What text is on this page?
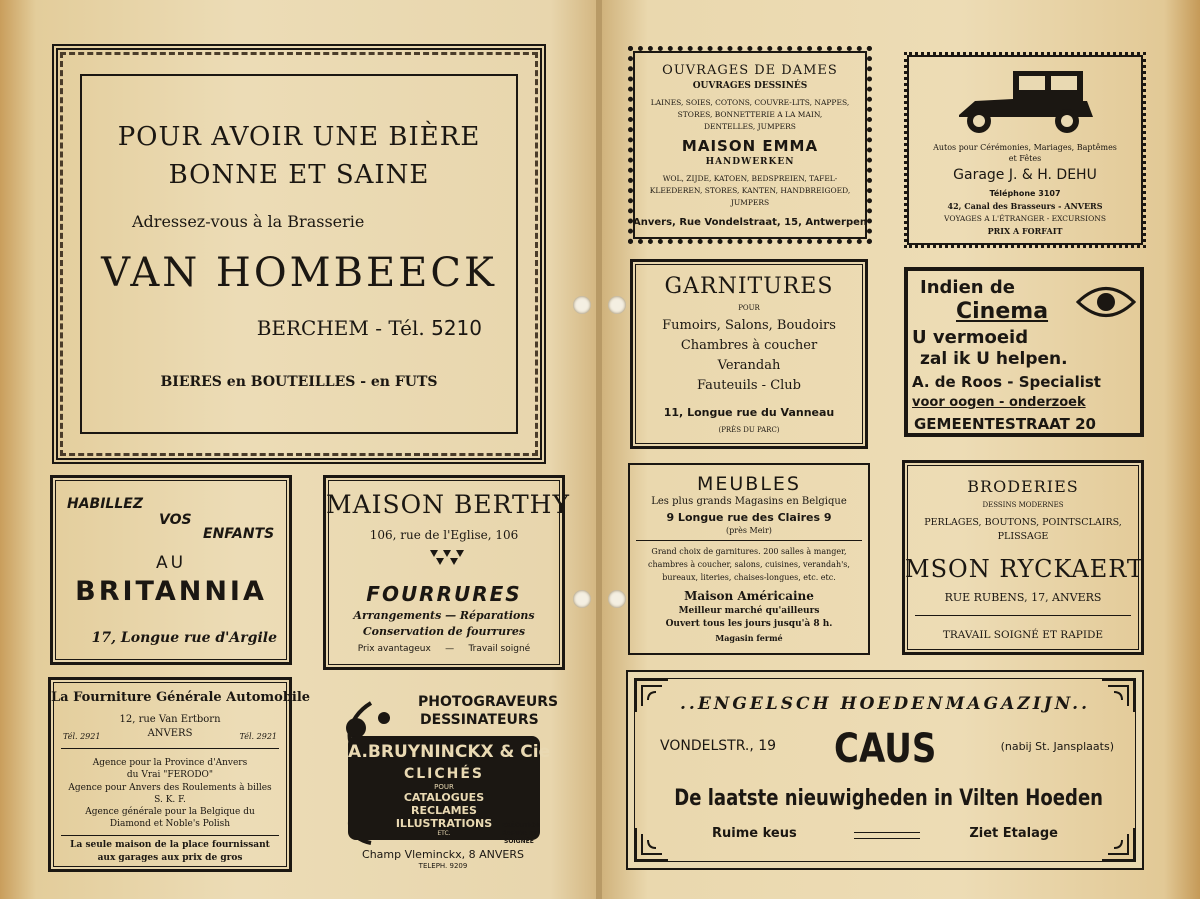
POUR AVOIR UNE BIÈRE
BONNE ET SAINE
Adressez-vous à la Brasserie
VAN HOMBEECK
BERCHEM - Tél. 5210
BIERES en BOUTEILLES - en FUTS
HABILLEZ
VOS
ENFANTS
AU
BRITANNIA
17, Longue rue d'Argile
MAISON BERTHY
106, rue de l'Eglise, 106
FOURRURES
Arrangements — Réparations
Conservation de fourrures
Prix avantageux — Travail soigné
La Fourniture Générale Automobile
12, rue Van Ertborn
Tél. 2921	ANVERS	Tél. 2921
Agence pour la Province d'Anvers
du Vrai "FERODO"
Agence pour Anvers des Roulements à billes
S. K. F.
Agence générale pour la Belgique du
Diamond et Noble's Polish
La seule maison de la place fournissant
aux garages aux prix de gros
PHOTOGRAVEURS
DESSINATEURS
A.BRUYNINCKX & Cie
CLICHÉS
POUR
CATALOGUES
RECLAMES
ILLUSTRATIONS
ETC.
EXÉCUTION
RAPIDE ET
SOIGNÉE
Champ Vleminckx, 8 ANVERS
TELEPH. 9209
OUVRAGES DE DAMES
OUVRAGES DESSINÉS
LAINES, SOIES, COTONS, COUVRE-LITS, NAPPES,
STORES, BONNETTERIE A LA MAIN,
DENTELLES, JUMPERS
MAISON EMMA
HANDWERKEN
WOL, ZIJDE, KATOEN, BEDSPREIEN, TAFEL-
KLEEDEREN, STORES, KANTEN, HANDBREIGOED,
JUMPERS
Anvers, Rue Vondelstraat, 15, Antwerpen
Autos pour Cérémonies, Mariages, Baptêmes
et Fêtes
Garage J. & H. DEHU
Téléphone 3107
42, Canal des Brasseurs - ANVERS
VOYAGES A L'ÉTRANGER - EXCURSIONS
PRIX A FORFAIT
GARNITURES
POUR
Fumoirs, Salons, Boudoirs
Chambres à coucher
Verandah
Fauteuils - Club
11, Longue rue du Vanneau
(PRÈS DU PARC)
Indien de
Cinema
U vermoeid
zal ik U helpen.
A. de Roos - Specialist
voor oogen - onderzoek
GEMEENTESTRAAT 20
MEUBLES
Les plus grands Magasins en Belgique
9 Longue rue des Claires 9
(près Meir)
Grand choix de garnitures. 200 salles à manger,
chambres à coucher, salons, cuisines, verandah's,
bureaux, literies, chaises-longues, etc. etc.
Maison Américaine
Meilleur marché qu'ailleurs
Ouvert tous les jours jusqu'à 8 h.
Magasin fermé
BRODERIES
DESSINS MODERNES
PERLAGES, BOUTONS, POINTSCLAIRS,
PLISSAGE
MSON RYCKAERT
RUE RUBENS, 17, ANVERS
TRAVAIL SOIGNÉ ET RAPIDE
..ENGELSCH HOEDENMAGAZIJN..
VONDELSTR., 19 CAUS	(nabij St. Jansplaats)
De laatste nieuwigheden in Vilten Hoeden
Ruime keus	Ziet Etalage
